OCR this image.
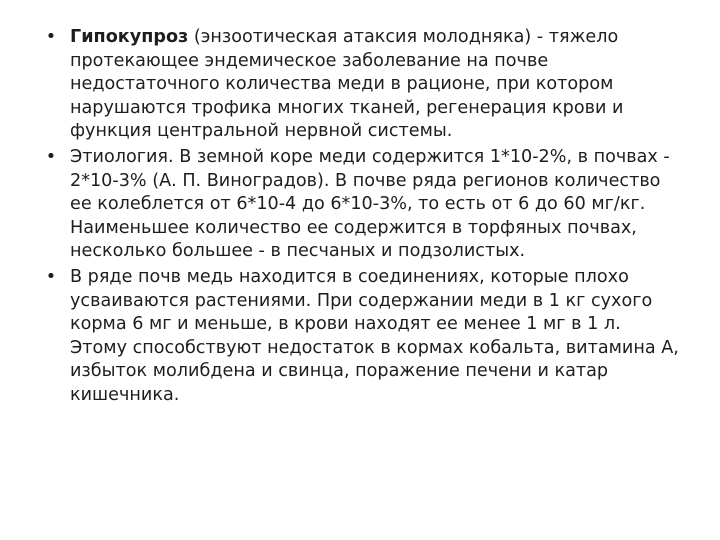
• Гипокупроз (энзоотическая атаксия молодняка) - тяжело протекающее эндемическое заболевание на почве недостаточного количества меди в рационе, при котором нарушаются трофика многих тканей, регенерация крови и функция центральной нервной системы.
• Этиология. В земной коре меди содержится 1*10-2%, в почвах - 2*10-3% (А. П. Виноградов). В почве ряда регионов количество ее колеблется от 6*10-4 до 6*10-3%, то есть от 6 до 60 мг/кг. Наименьшее количество ее содержится в торфяных почвах, несколько большее - в песчаных и подзолистых.
• В ряде почв медь находится в соединениях, которые плохо усваиваются растениями. При содержании меди в 1 кг сухого корма 6 мг и меньше, в крови находят ее менее 1 мг в 1 л. Этому способствуют недостаток в кормах кобальта, витамина А, избыток молибдена и свинца, поражение печени и катар кишечника.
